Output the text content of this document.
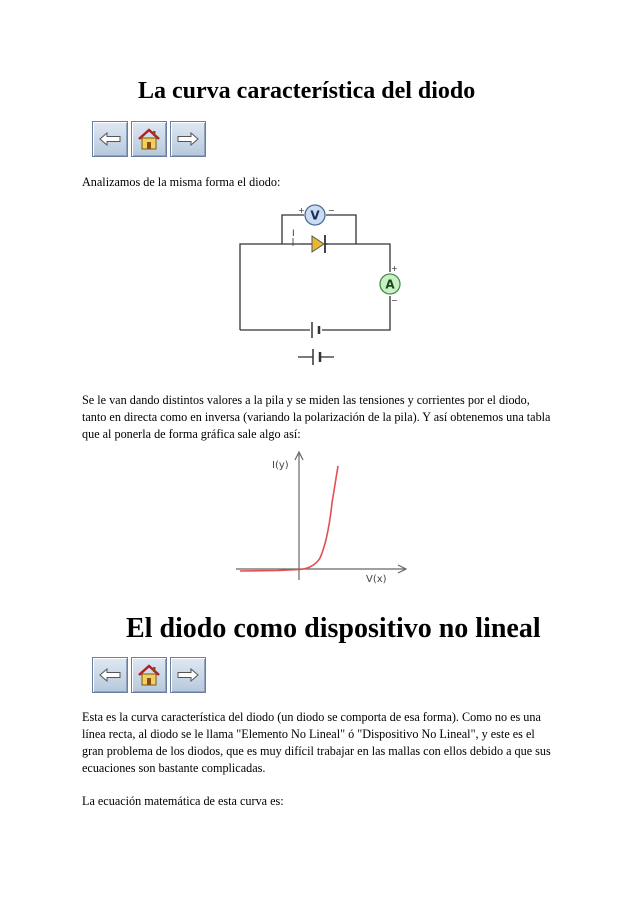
La curva característica del diodo

Analizamos de la misma forma el diodo:

I
V
+	−
A
+
−

Se le van dando distintos valores a la pila y se miden las tensiones y corrientes por el diodo, tanto en directa como en inversa (variando la polarización de la pila). Y así obtenemos una tabla que al ponerla de forma gráfica sale algo así:

I(y)
V(x)
El diodo como dispositivo no lineal

Esta es la curva característica del diodo (un diodo se comporta de esa forma). Como no es una línea recta, al diodo se le llama "Elemento No Lineal" ó "Dispositivo No Lineal", y este es el gran problema de los diodos, que es muy difícil trabajar en las mallas con ellos debido a que sus ecuaciones son bastante complicadas.

La ecuación matemática de esta curva es:
